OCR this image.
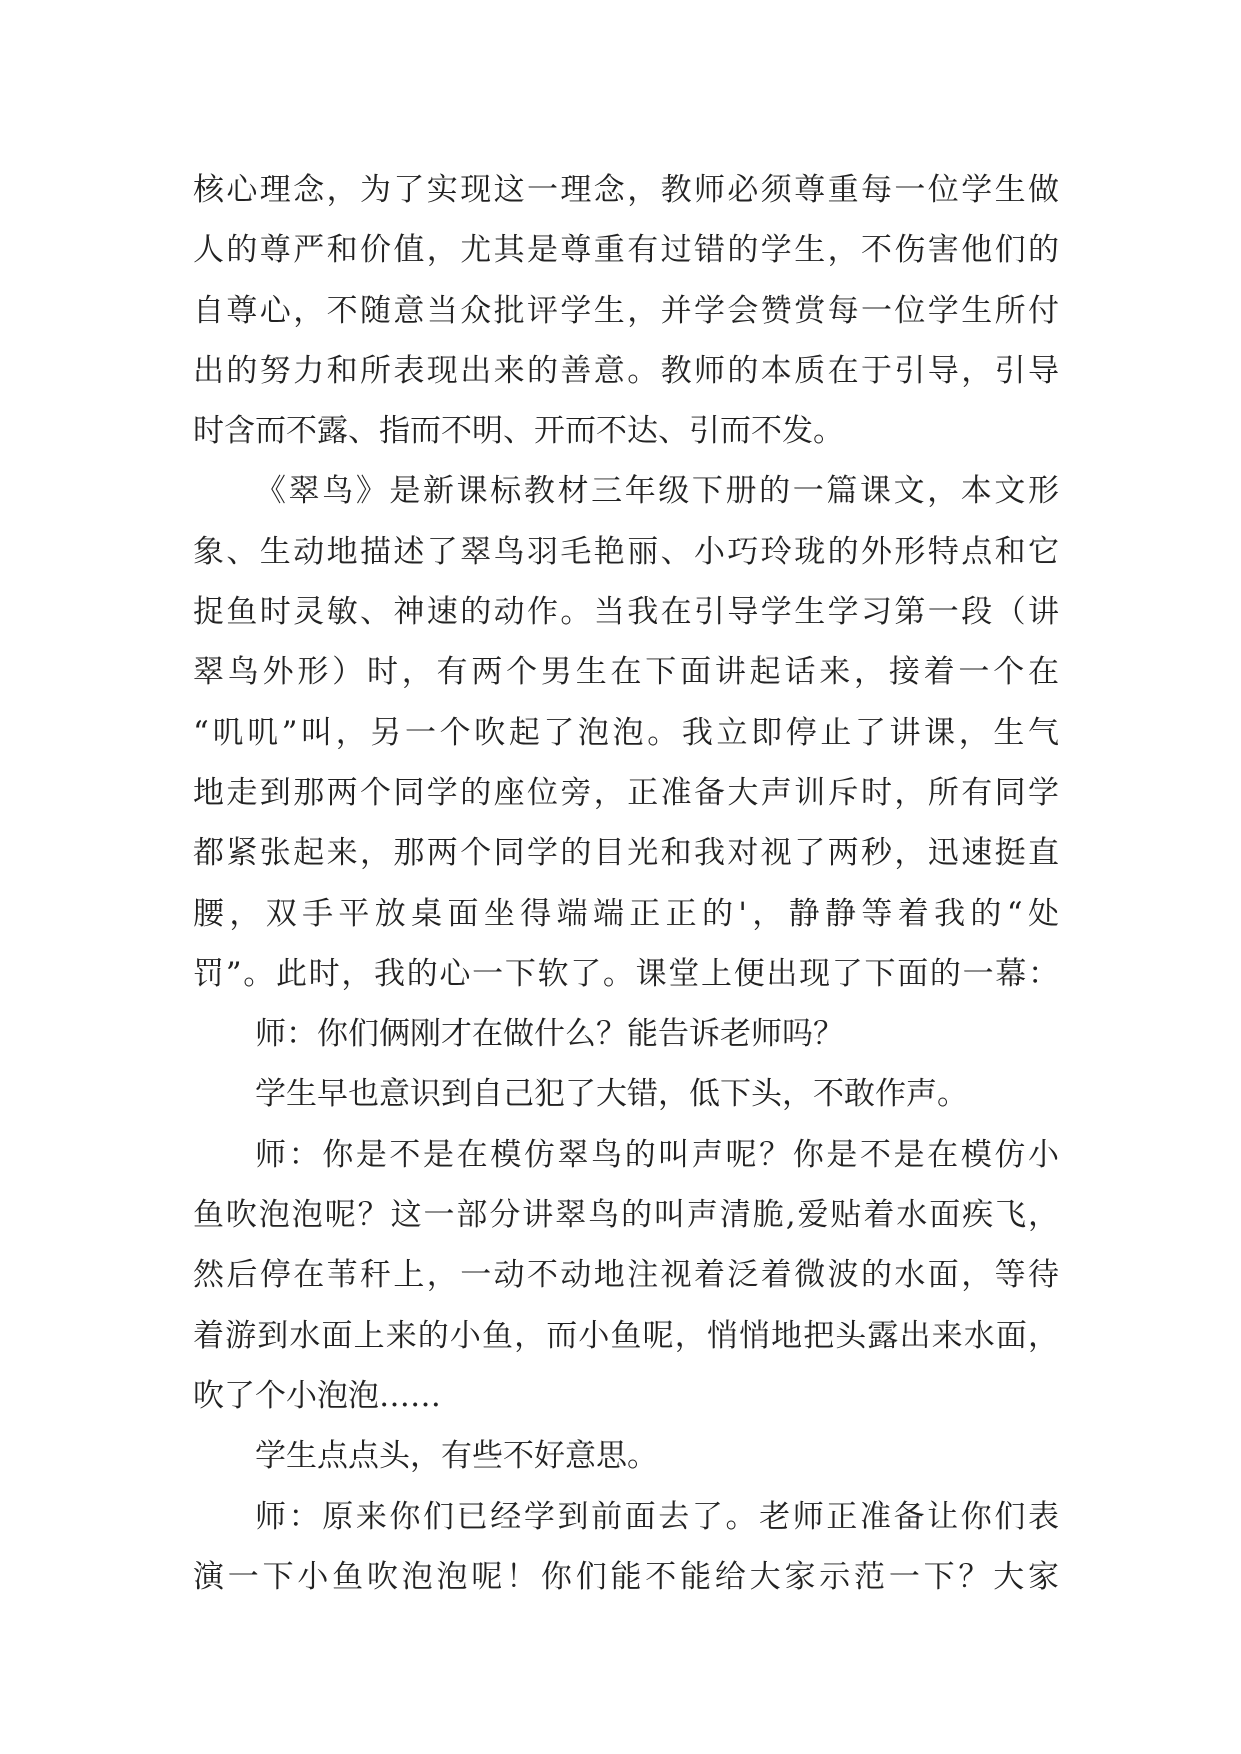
核心理念，为了实现这一理念，教师必须尊重每一位学生做
人的尊严和价值，尤其是尊重有过错的学生，不伤害他们的
自尊心，不随意当众批评学生，并学会赞赏每一位学生所付
出的努力和所表现出来的善意。教师的本质在于引导，引导
时含而不露、指而不明、开而不达、引而不发。
《翠鸟》是新课标教材三年级下册的一篇课文，本文形
象、生动地描述了翠鸟羽毛艳丽、小巧玲珑的外形特点和它
捉鱼时灵敏、神速的动作。当我在引导学生学习第一段（讲
翠鸟外形）时，有两个男生在下面讲起话来，接着一个在
“叽叽”叫，另一个吹起了泡泡。我立即停止了讲课，生气
地走到那两个同学的座位旁，正准备大声训斥时，所有同学
都紧张起来，那两个同学的目光和我对视了两秒，迅速挺直
腰，双手平放桌面坐得端端正正的'，静静等着我的“处
罚”。此时，我的心一下软了。课堂上便出现了下面的一幕：
师：你们俩刚才在做什么？能告诉老师吗？
学生早也意识到自己犯了大错，低下头，不敢作声。
师：你是不是在模仿翠鸟的叫声呢？你是不是在模仿小
鱼吹泡泡呢？这一部分讲翠鸟的叫声清脆,爱贴着水面疾飞，
然后停在苇秆上，一动不动地注视着泛着微波的水面，等待
着游到水面上来的小鱼，而小鱼呢，悄悄地把头露出来水面，
吹了个小泡泡……
学生点点头，有些不好意思。
师：原来你们已经学到前面去了。老师正准备让你们表
演一下小鱼吹泡泡呢！你们能不能给大家示范一下？大家
